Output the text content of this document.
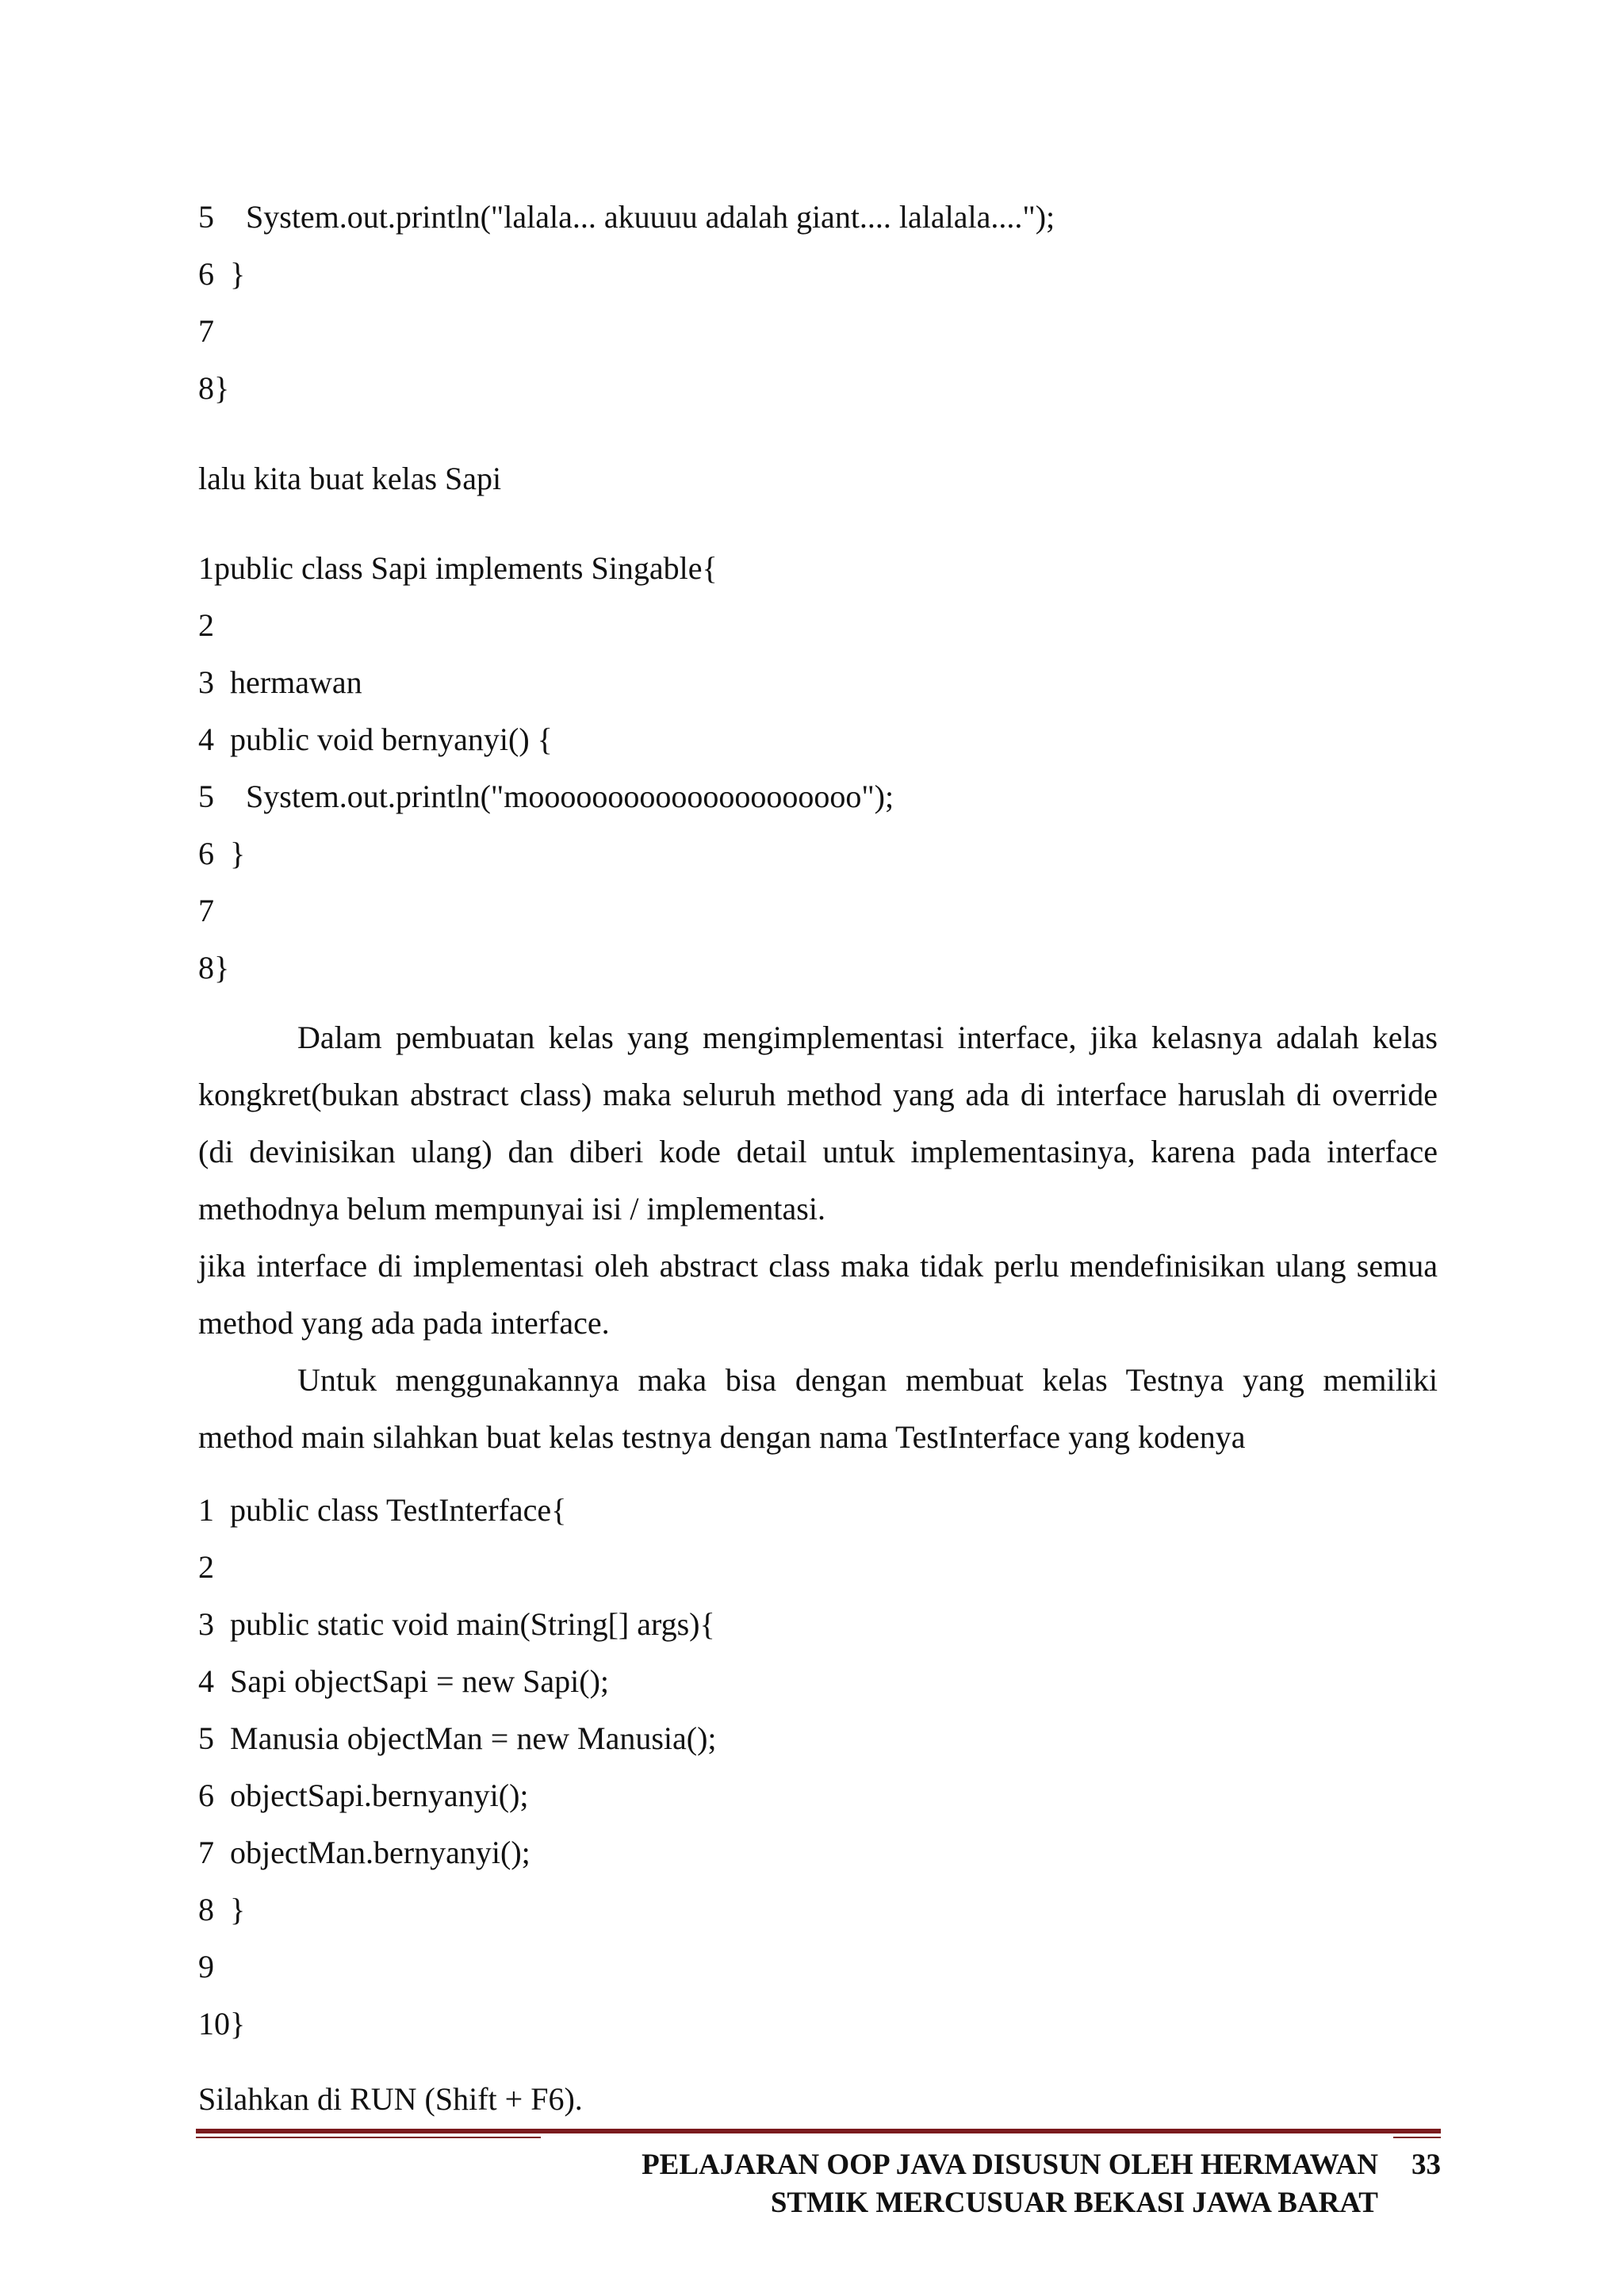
5    System.out.println("lalala... akuuuu adalah giant.... lalalala....");

6  }

7

8}

lalu kita buat kelas Sapi

1public class Sapi implements Singable{

2

3  hermawan

4  public void bernyanyi() {

5    System.out.println("mooooooooooooooooooooo");

6  }

7

8}

Dalam pembuatan kelas yang mengimplementasi interface, jika kelasnya adalah kelas kongkret(bukan abstract class) maka seluruh method yang ada di interface haruslah di override (di devinisikan ulang) dan diberi kode detail untuk implementasinya, karena pada interface methodnya belum mempunyai isi / implementasi.

jika interface di implementasi oleh abstract class maka tidak perlu mendefinisikan ulang semua method yang ada pada interface.

Untuk menggunakannya maka bisa dengan membuat kelas Testnya yang memiliki method main silahkan buat kelas testnya dengan nama TestInterface yang kodenya

1  public class TestInterface{

2

3  public static void main(String[] args){

4  Sapi objectSapi = new Sapi();

5  Manusia objectMan = new Manusia();

6  objectSapi.bernyanyi();

7  objectMan.bernyanyi();

8  }

9

10}

Silahkan di RUN (Shift + F6).

PELAJARAN OOP JAVA DISUSUN OLEH HERMAWAN
STMIK MERCUSUAR BEKASI JAWA BARAT
33
